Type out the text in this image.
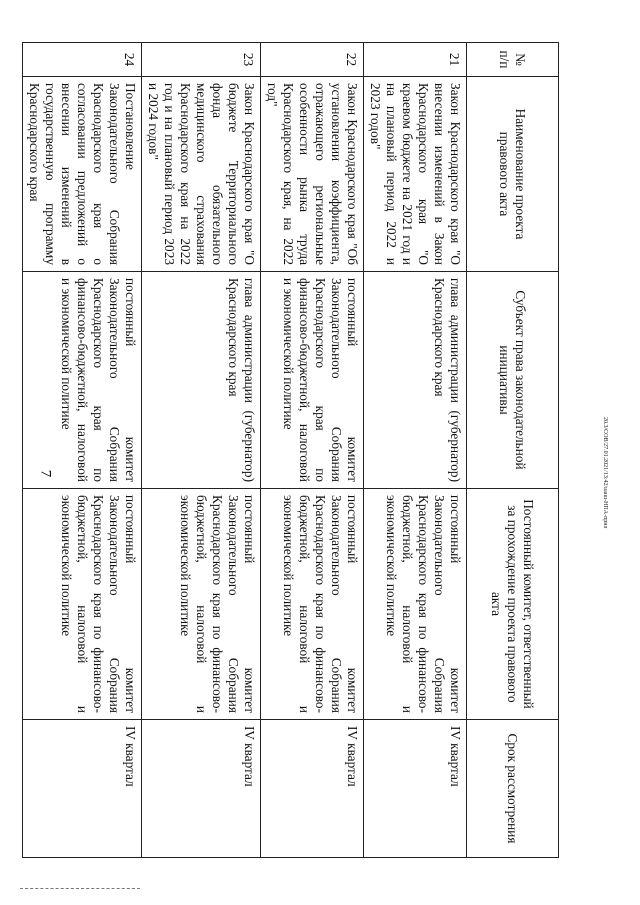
7	20.3/СОВ/27.01.2021/13:42/шаш-НПА-прил
№ п/п	Наименование проекта правового акта	Субъект права законодательной инициативы	Постоянный комитет, ответственный за прохождение проекта правового акта	Срок рассмотрения
21	Закон Краснодарского края "О внесении изменений в Закон Краснодарского края "О краевом бюджете на 2021 год и на плановый период 2022 и 2023 годов"	глава администрации (губернатор) Краснодарского края	постоянный комитет Законодательного Собрания Краснодарского края по финансово-бюджетной, налоговой и экономической политике	IV квартал
22	Закон Краснодарского края "Об установлении коэффициента, отражающего региональные особенности рынка труда Краснодарского края, на 2022 год"	постоянный комитет Законодательного Собрания Краснодарского края по финансово-бюджетной, налоговой и экономической политике	постоянный комитет Законодательного Собрания Краснодарского края по финансово-бюджетной, налоговой и экономической политике	IV квартал
23	Закон Краснодарского края "О бюджете Территориального фонда обязательного медицинского страхования Краснодарского края на 2022 год и на плановый период 2023 и 2024 годов"	глава администрации (губернатор) Краснодарского края	постоянный комитет Законодательного Собрания Краснодарского края по финансово-бюджетной, налоговой и экономической политике	IV квартал
24	Постановление Законодательного Собрания Краснодарского края о согласовании предложений о внесении изменений в государственную программу Краснодарского края	постоянный комитет Законодательного Собрания Краснодарского края по финансово-бюджетной, налоговой и экономической политике	постоянный комитет Законодательного Собрания Краснодарского края по финансово-бюджетной, налоговой и экономической политике	IV квартал
